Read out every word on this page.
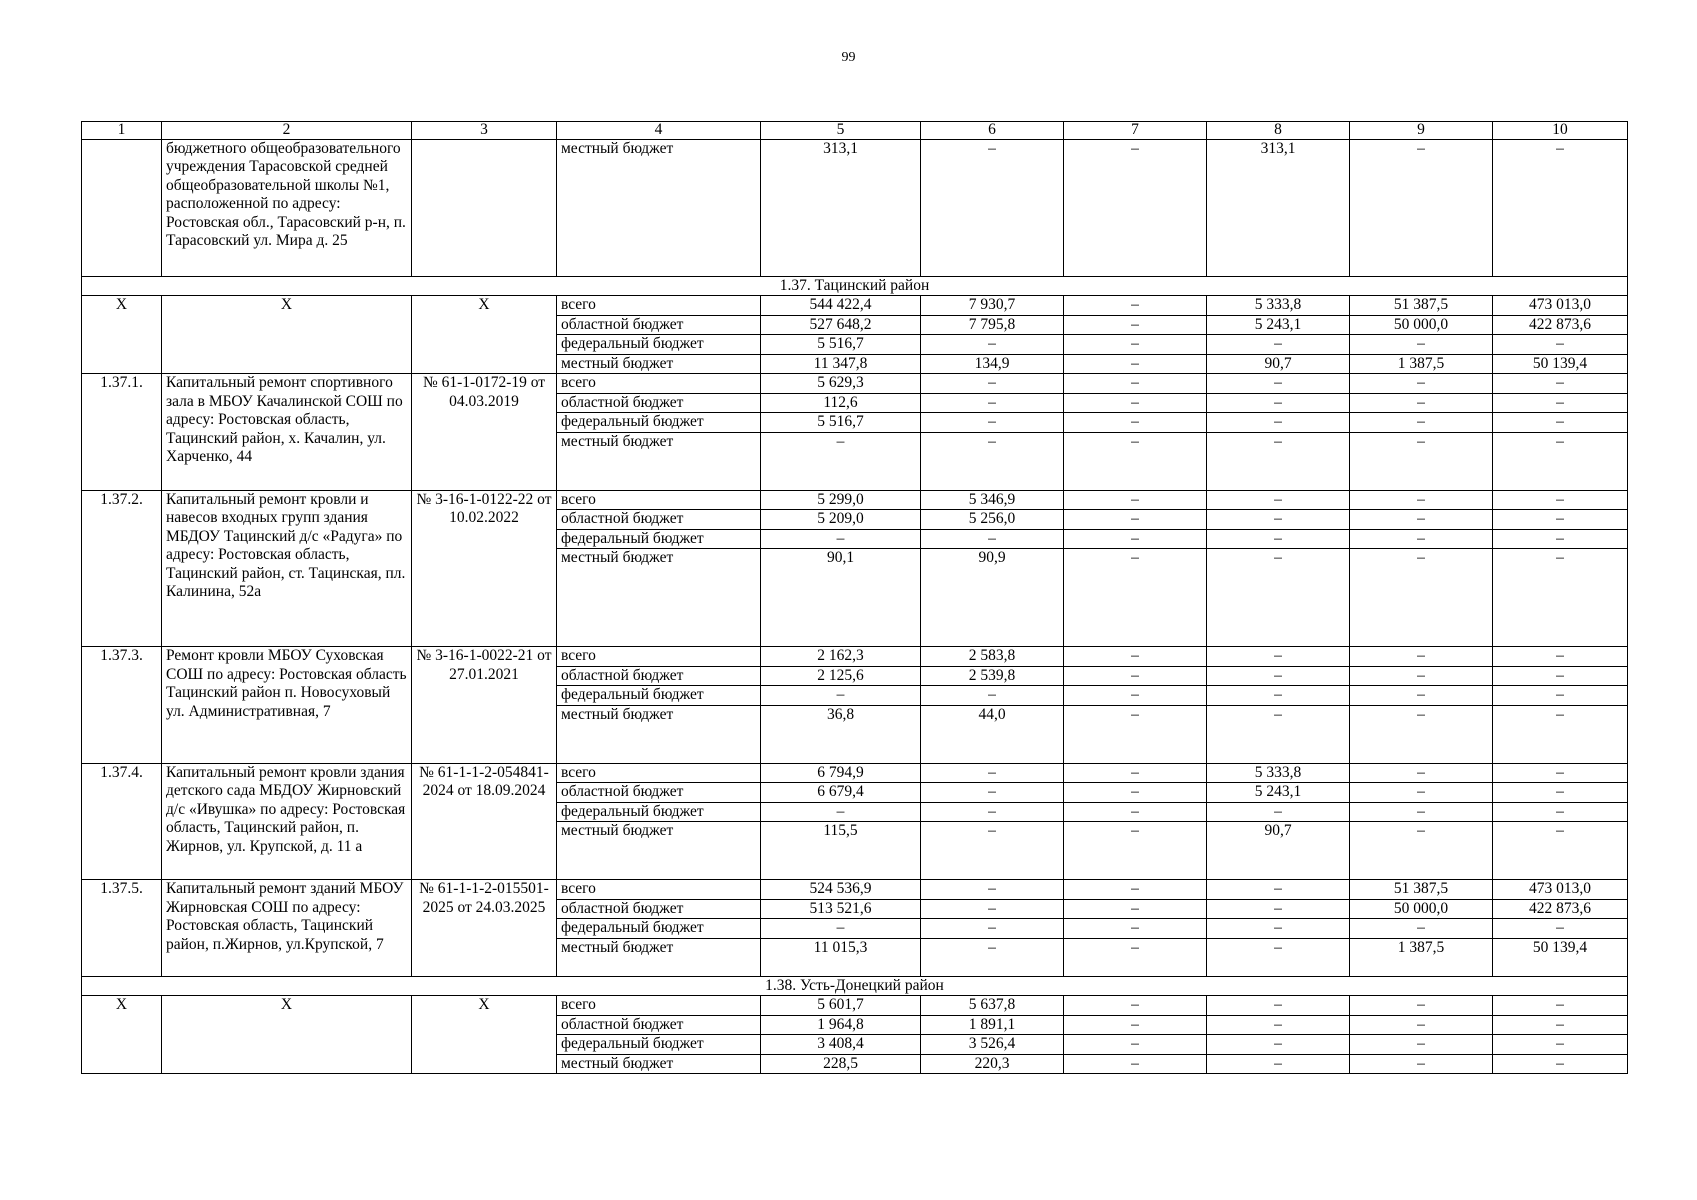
99
1	2	3	4	5	6	7	8	9	10
	бюджетного общеобразовательного учреждения Тарасовской средней общеобразовательной школы №1, расположенной по адресу: Ростовская обл., Тарасовский р-н, п. Тарасовский ул. Мира д. 25		местный бюджет	313,1	–	–	313,1	–	–
1.37. Тацинский район									
X	X	X	всего	544 422,4	7 930,7	–	5 333,8	51 387,5	473 013,0
			областной бюджет	527 648,2	7 795,8	–	5 243,1	50 000,0	422 873,6
			федеральный бюджет	5 516,7	–	–	–	–	–
			местный бюджет	11 347,8	134,9	–	90,7	1 387,5	50 139,4
1.37.1.	Капитальный ремонт спортивного зала в МБОУ Качалинской СОШ по адресу: Ростовская область, Тацинский район, х. Качалин, ул. Харченко, 44	№ 61-1-0172-19 от 04.03.2019	всего	5 629,3	–	–	–	–	–
			областной бюджет	112,6	–	–	–	–	–
			федеральный бюджет	5 516,7	–	–	–	–	–
			местный бюджет	–	–	–	–	–	–
1.37.2.	Капитальный ремонт кровли и навесов входных групп здания МБДОУ Тацинский д/с «Радуга» по адресу: Ростовская область, Тацинский район, ст. Тацинская, пл. Калинина, 52а	№ 3-16-1-0122-22 от 10.02.2022	всего	5 299,0	5 346,9	–	–	–	–
			областной бюджет	5 209,0	5 256,0	–	–	–	–
			федеральный бюджет	–	–	–	–	–	–
			местный бюджет	90,1	90,9	–	–	–	–
1.37.3.	Ремонт кровли МБОУ Суховская СОШ по адресу: Ростовская область Тацинский район п. Новосуховый ул. Административная, 7	№ 3-16-1-0022-21 от 27.01.2021	всего	2 162,3	2 583,8	–	–	–	–
			областной бюджет	2 125,6	2 539,8	–	–	–	–
			федеральный бюджет	–	–	–	–	–	–
			местный бюджет	36,8	44,0	–	–	–	–
1.37.4.	Капитальный ремонт кровли здания детского сада МБДОУ Жирновский д/с «Ивушка» по адресу: Ростовская область, Тацинский район, п. Жирнов, ул. Крупской, д. 11 а	№ 61-1-1-2-054841-2024 от 18.09.2024	всего	6 794,9	–	–	5 333,8	–	–
			областной бюджет	6 679,4	–	–	5 243,1	–	–
			федеральный бюджет	–	–	–	–	–	–
			местный бюджет	115,5	–	–	90,7	–	–
1.37.5.	Капитальный ремонт зданий МБОУ Жирновская СОШ по адресу: Ростовская область, Тацинский район, п.Жирнов, ул.Крупской, 7	№ 61-1-1-2-015501-2025 от 24.03.2025	всего	524 536,9	–	–	–	51 387,5	473 013,0
			областной бюджет	513 521,6	–	–	–	50 000,0	422 873,6
			федеральный бюджет	–	–	–	–	–	–
			местный бюджет	11 015,3	–	–	–	1 387,5	50 139,4
1.38. Усть-Донецкий район									
X	X	X	всего	5 601,7	5 637,8	–	–	–	–
			областной бюджет	1 964,8	1 891,1	–	–	–	–
			федеральный бюджет	3 408,4	3 526,4	–	–	–	–
			местный бюджет	228,5	220,3	–	–	–	–
